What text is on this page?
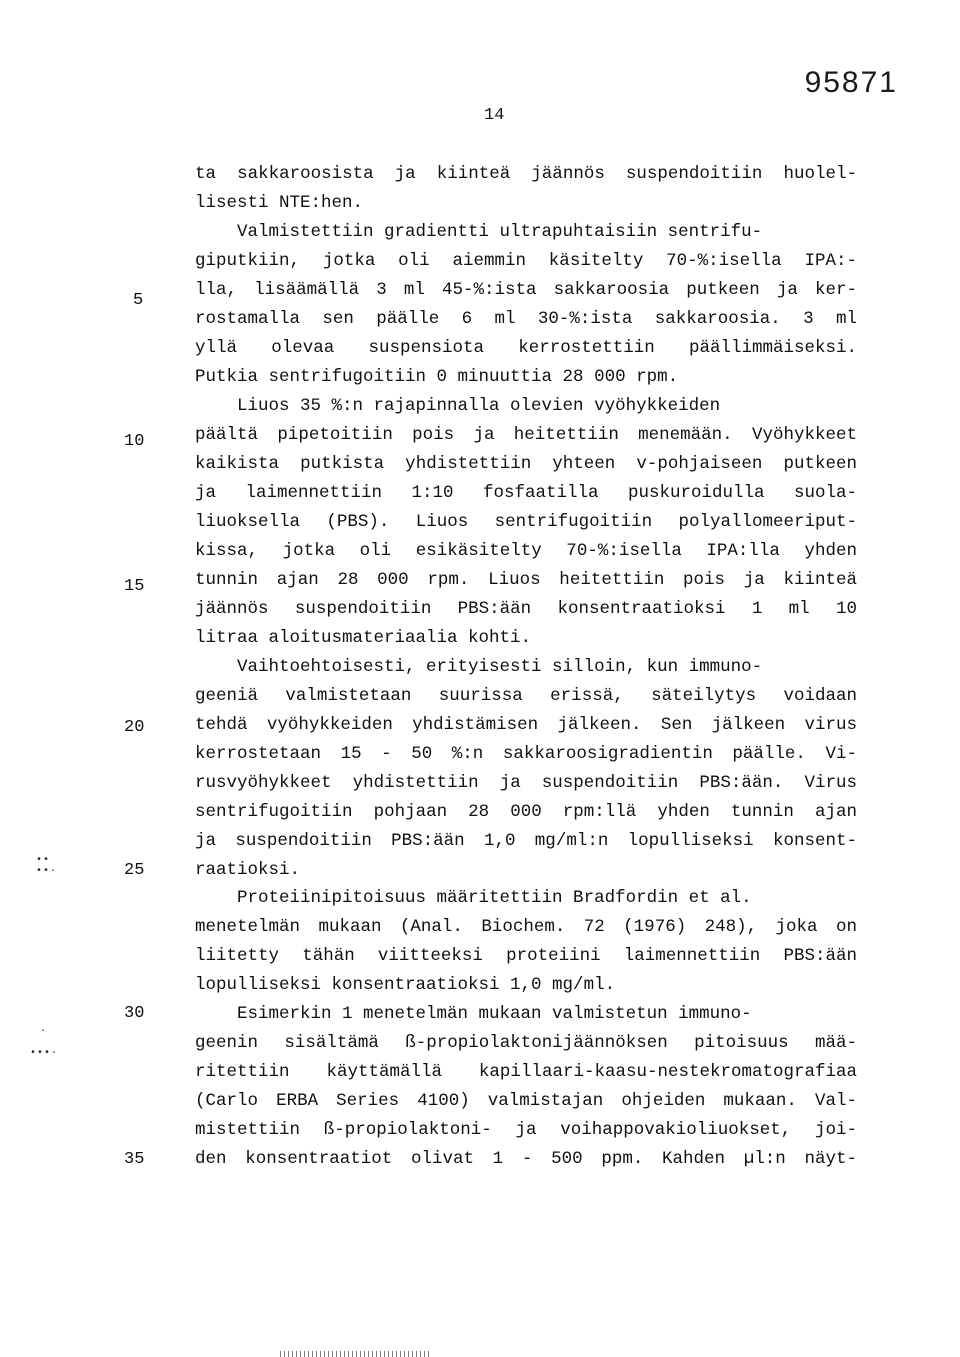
95871
14
5
10
15
20
25
30
35
••
••·
·
•••·
ta sakkaroosista ja kiinteä jäännös suspendoitiin huolel-
lisesti NTE:hen.
Valmistettiin gradientti ultrapuhtaisiin sentrifu-
giputkiin, jotka oli aiemmin käsitelty 70-%:isella IPA:-
lla, lisäämällä 3 ml 45-%:ista sakkaroosia putkeen ja ker-
rostamalla sen päälle 6 ml 30-%:ista sakkaroosia. 3 ml
yllä olevaa suspensiota kerrostettiin päällimmäiseksi.
Putkia sentrifugoitiin 0 minuuttia 28 000 rpm.
Liuos 35 %:n rajapinnalla olevien vyöhykkeiden
päältä pipetoitiin pois ja heitettiin menemään. Vyöhykkeet
kaikista putkista yhdistettiin yhteen v-pohjaiseen putkeen
ja laimennettiin 1:10 fosfaatilla puskuroidulla suola-
liuoksella (PBS). Liuos sentrifugoitiin polyallomeeriput-
kissa, jotka oli esikäsitelty 70-%:isella IPA:lla yhden
tunnin ajan 28 000 rpm. Liuos heitettiin pois ja kiinteä
jäännös suspendoitiin PBS:ään konsentraatioksi 1 ml 10
litraa aloitusmateriaalia kohti.
Vaihtoehtoisesti, erityisesti silloin, kun immuno-
geeniä valmistetaan suurissa erissä, säteilytys voidaan
tehdä vyöhykkeiden yhdistämisen jälkeen. Sen jälkeen virus
kerrostetaan 15 - 50 %:n sakkaroosigradientin päälle. Vi-
rusvyöhykkeet yhdistettiin ja suspendoitiin PBS:ään. Virus
sentrifugoitiin pohjaan 28 000 rpm:llä yhden tunnin ajan
ja suspendoitiin PBS:ään 1,0 mg/ml:n lopulliseksi konsent-
raatioksi.
Proteiinipitoisuus määritettiin Bradfordin et al.
menetelmän mukaan (Anal. Biochem. 72 (1976) 248), joka on
liitetty tähän viitteeksi proteiini laimennettiin PBS:ään
lopulliseksi konsentraatioksi 1,0 mg/ml.
Esimerkin 1 menetelmän mukaan valmistetun immuno-
geenin sisältämä ß-propiolaktonijäännöksen pitoisuus mää-
ritettiin käyttämällä kapillaari-kaasu-nestekromatografiaa
(Carlo ERBA Series 4100) valmistajan ohjeiden mukaan. Val-
mistettiin ß-propiolaktoni- ja voihappovakioliuokset, joi-
den konsentraatiot olivat 1 - 500 ppm. Kahden µl:n näyt-
